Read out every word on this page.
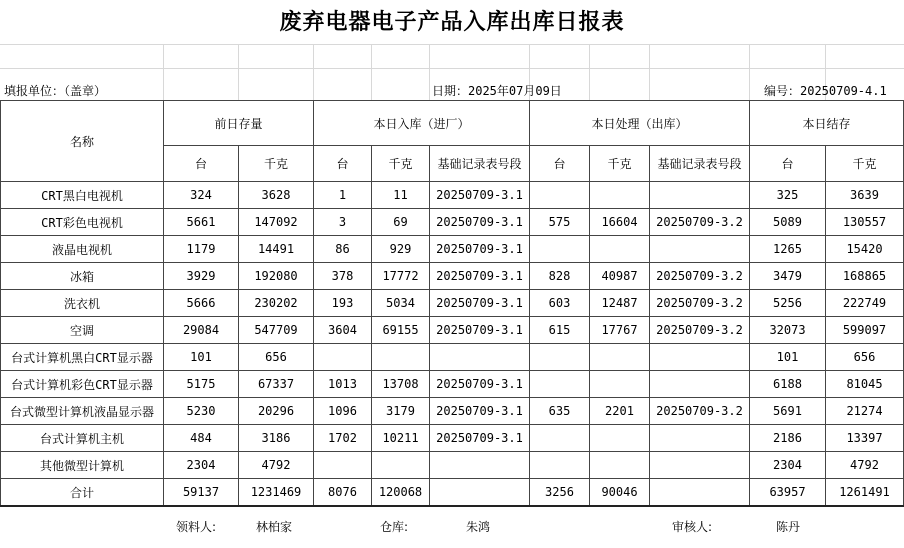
废弃电器电子产品入库出库日报表
填报单位：（盖章）	日期：2025年07月09日	编号：20250709-4.1
名称	前日存量		本日入库（进厂）			本日处理（出库）			本日结存	
	台	千克	台	千克	基础记录表号段	台	千克	基础记录表号段	台	千克
CRT黑白电视机	324	3628	1	11	20250709-3.1				325	3639
CRT彩色电视机	5661	147092	3	69	20250709-3.1	575	16604	20250709-3.2	5089	130557
液晶电视机	1179	14491	86	929	20250709-3.1				1265	15420
冰箱	3929	192080	378	17772	20250709-3.1	828	40987	20250709-3.2	3479	168865
洗衣机	5666	230202	193	5034	20250709-3.1	603	12487	20250709-3.2	5256	222749
空调	29084	547709	3604	69155	20250709-3.1	615	17767	20250709-3.2	32073	599097
台式计算机黑白CRT显示器	101	656							101	656
台式计算机彩色CRT显示器	5175	67337	1013	13708	20250709-3.1				6188	81045
台式微型计算机液晶显示器	5230	20296	1096	3179	20250709-3.1	635	2201	20250709-3.2	5691	21274
台式计算机主机	484	3186	1702	10211	20250709-3.1				2186	13397
其他微型计算机	2304	4792							2304	4792
合计	59137	1231469	8076	120068		3256	90046		63957	1261491
领料人:	林柏家	仓库:	朱鸿	审核人:	陈丹
